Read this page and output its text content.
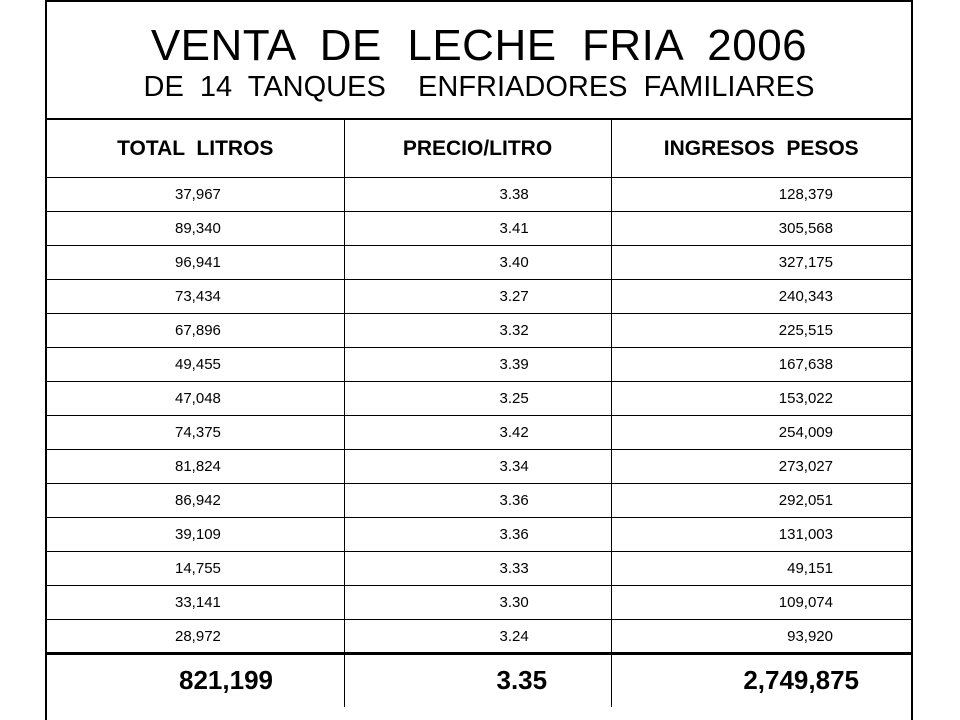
VENTA  DE  LECHE  FRIA  2006
DE  14  TANQUES    ENFRIADORES  FAMILIARES
TOTAL  LITROS	PRECIO/LITRO	INGRESOS  PESOS
37,967	3.38	128,379
89,340	3.41	305,568
96,941	3.40	327,175
73,434	3.27	240,343
67,896	3.32	225,515
49,455	3.39	167,638
47,048	3.25	153,022
74,375	3.42	254,009
81,824	3.34	273,027
86,942	3.36	292,051
39,109	3.36	131,003
14,755	3.33	49,151
33,141	3.30	109,074
28,972	3.24	93,920
821,199	3.35	2,749,875
